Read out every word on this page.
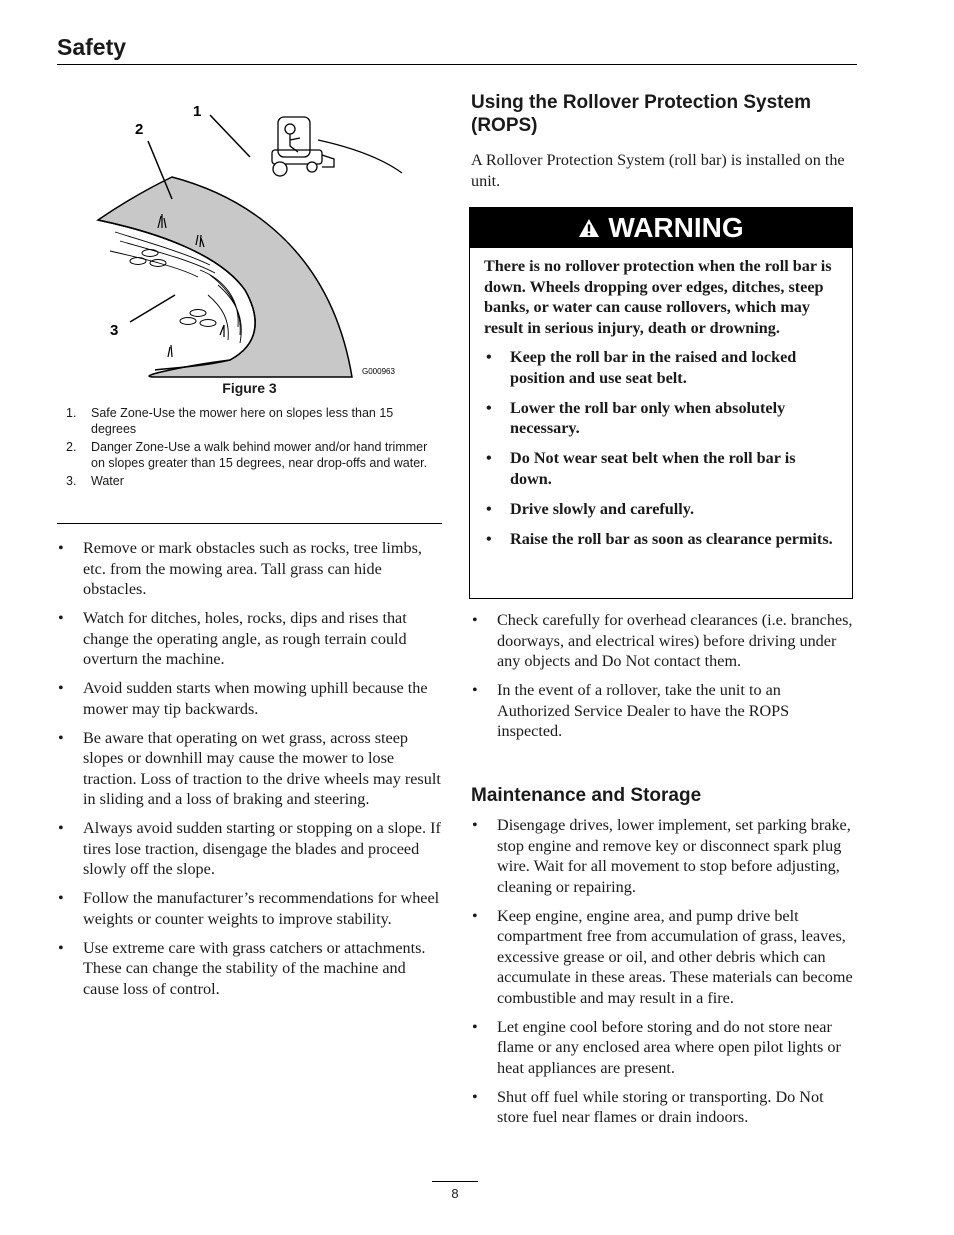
Safety
1
2
3
G000963
Figure 3
1. Safe Zone-Use the mower here on slopes less than 15 degrees
2. Danger Zone-Use a walk behind mower and/or hand trimmer on slopes greater than 15 degrees, near drop-offs and water.
3. Water
• Remove or mark obstacles such as rocks, tree limbs, etc. from the mowing area. Tall grass can hide obstacles.
• Watch for ditches, holes, rocks, dips and rises that change the operating angle, as rough terrain could overturn the machine.
• Avoid sudden starts when mowing uphill because the mower may tip backwards.
• Be aware that operating on wet grass, across steep slopes or downhill may cause the mower to lose traction. Loss of traction to the drive wheels may result in sliding and a loss of braking and steering.
• Always avoid sudden starting or stopping on a slope. If tires lose traction, disengage the blades and proceed slowly off the slope.
• Follow the manufacturer’s recommendations for wheel weights or counter weights to improve stability.
• Use extreme care with grass catchers or attachments. These can change the stability of the machine and cause loss of control.
Using the Rollover Protection System (ROPS)

A Rollover Protection System (roll bar) is installed on the unit.

WARNING

There is no rollover protection when the roll bar is down. Wheels dropping over edges, ditches, steep banks, or water can cause rollovers, which may result in serious injury, death or drowning.

• Keep the roll bar in the raised and locked position and use seat belt.
• Lower the roll bar only when absolutely necessary.
• Do Not wear seat belt when the roll bar is down.
• Drive slowly and carefully.
• Raise the roll bar as soon as clearance permits.
• Check carefully for overhead clearances (i.e. branches, doorways, and electrical wires) before driving under any objects and Do Not contact them.
• In the event of a rollover, take the unit to an Authorized Service Dealer to have the ROPS inspected.
Maintenance and Storage
• Disengage drives, lower implement, set parking brake, stop engine and remove key or disconnect spark plug wire. Wait for all movement to stop before adjusting, cleaning or repairing.
• Keep engine, engine area, and pump drive belt compartment free from accumulation of grass, leaves, excessive grease or oil, and other debris which can accumulate in these areas. These materials can become combustible and may result in a fire.
• Let engine cool before storing and do not store near flame or any enclosed area where open pilot lights or heat appliances are present.
• Shut off fuel while storing or transporting. Do Not store fuel near flames or drain indoors.
8
